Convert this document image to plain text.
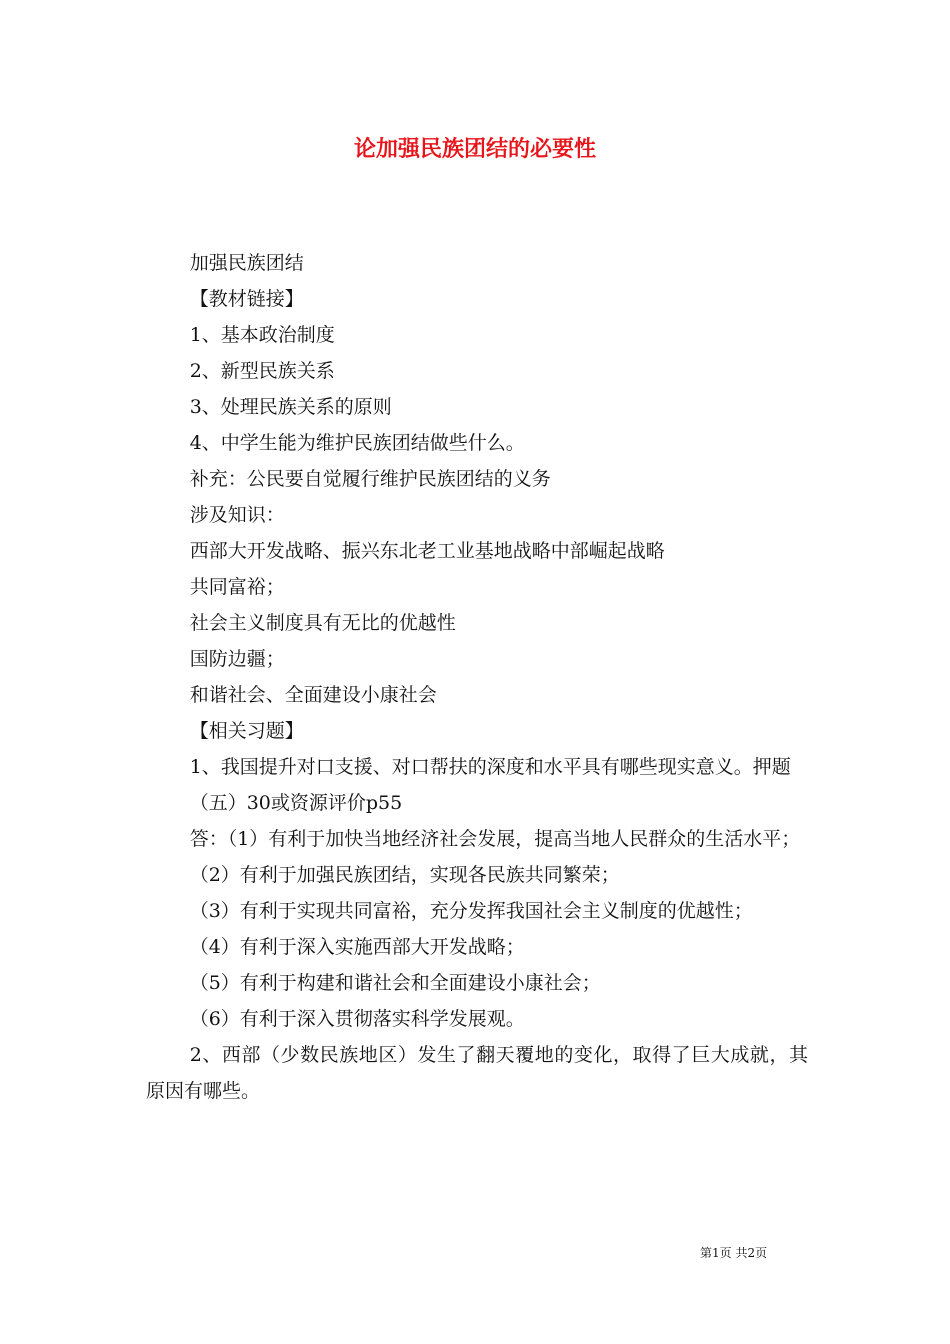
论加强民族团结的必要性

加强民族团结

【教材链接】

1、基本政治制度

2、新型民族关系

3、处理民族关系的原则

4、中学生能为维护民族团结做些什么。

补充：公民要自觉履行维护民族团结的义务

涉及知识：

西部大开发战略、振兴东北老工业基地战略中部崛起战略

共同富裕；

社会主义制度具有无比的优越性

国防边疆；

和谐社会、全面建设小康社会

【相关习题】

1、我国提升对口支援、对口帮扶的深度和水平具有哪些现实意义。押题

（五）30或资源评价p55

答：（1）有利于加快当地经济社会发展，提高当地人民群众的生活水平；

（2）有利于加强民族团结，实现各民族共同繁荣；

（3）有利于实现共同富裕，充分发挥我国社会主义制度的优越性；

（4）有利于深入实施西部大开发战略；

（5）有利于构建和谐社会和全面建设小康社会；

（6）有利于深入贯彻落实科学发展观。

2、西部（少数民族地区）发生了翻天覆地的变化，取得了巨大成就，其原因有哪些。

第1页 共2页
